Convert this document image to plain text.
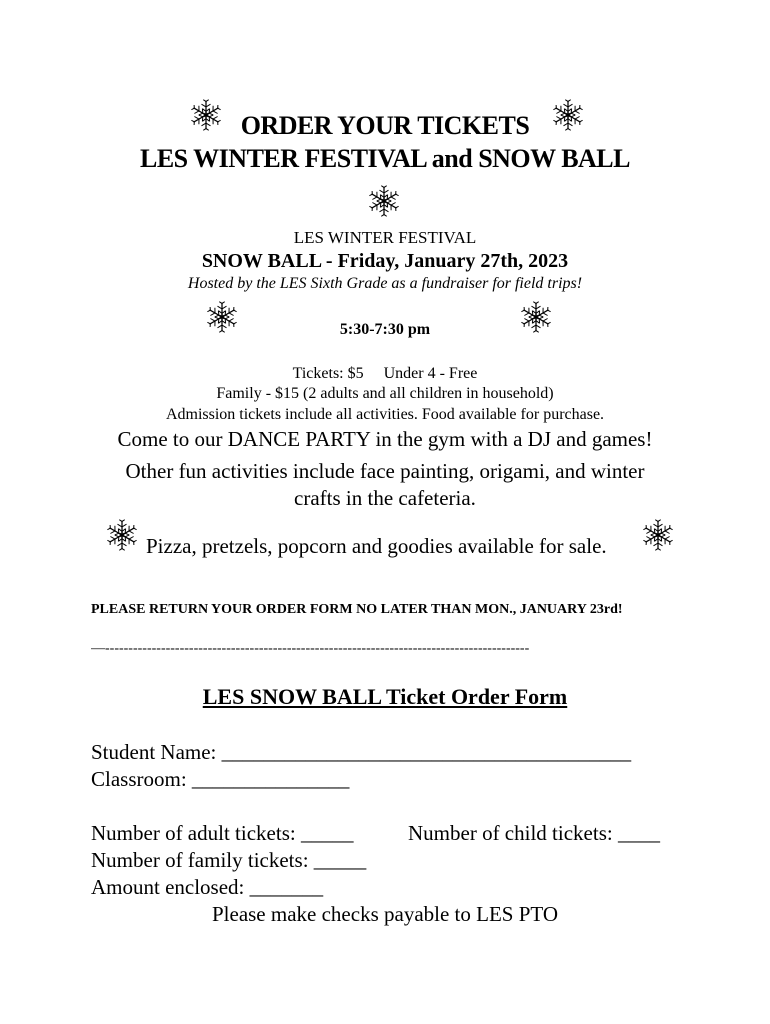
ORDER YOUR TICKETS
LES WINTER FESTIVAL and SNOW BALL
LES WINTER FESTIVAL
SNOW BALL - Friday, January 27th, 2023
Hosted by the LES Sixth Grade as a fundraiser for field trips!
5:30-7:30 pm
Tickets: $5     Under 4 - Free
Family - $15 (2 adults and all children in household)
Admission tickets include all activities. Food available for purchase.
Come to our DANCE PARTY in the gym with a DJ and games!
Other fun activities include face painting, origami, and winter
crafts in the cafeteria.
Pizza, pretzels, popcorn and goodies available for sale.
PLEASE RETURN YOUR ORDER FORM NO LATER THAN MON., JANUARY 23rd!
—-------------------------------------------------------------------------------------------
LES SNOW BALL Ticket Order Form
Student Name: _______________________________________
Classroom: _______________
Number of adult tickets: _____	Number of child tickets: ____
Number of family tickets: _____
Amount enclosed: _______
Please make checks payable to LES PTO
